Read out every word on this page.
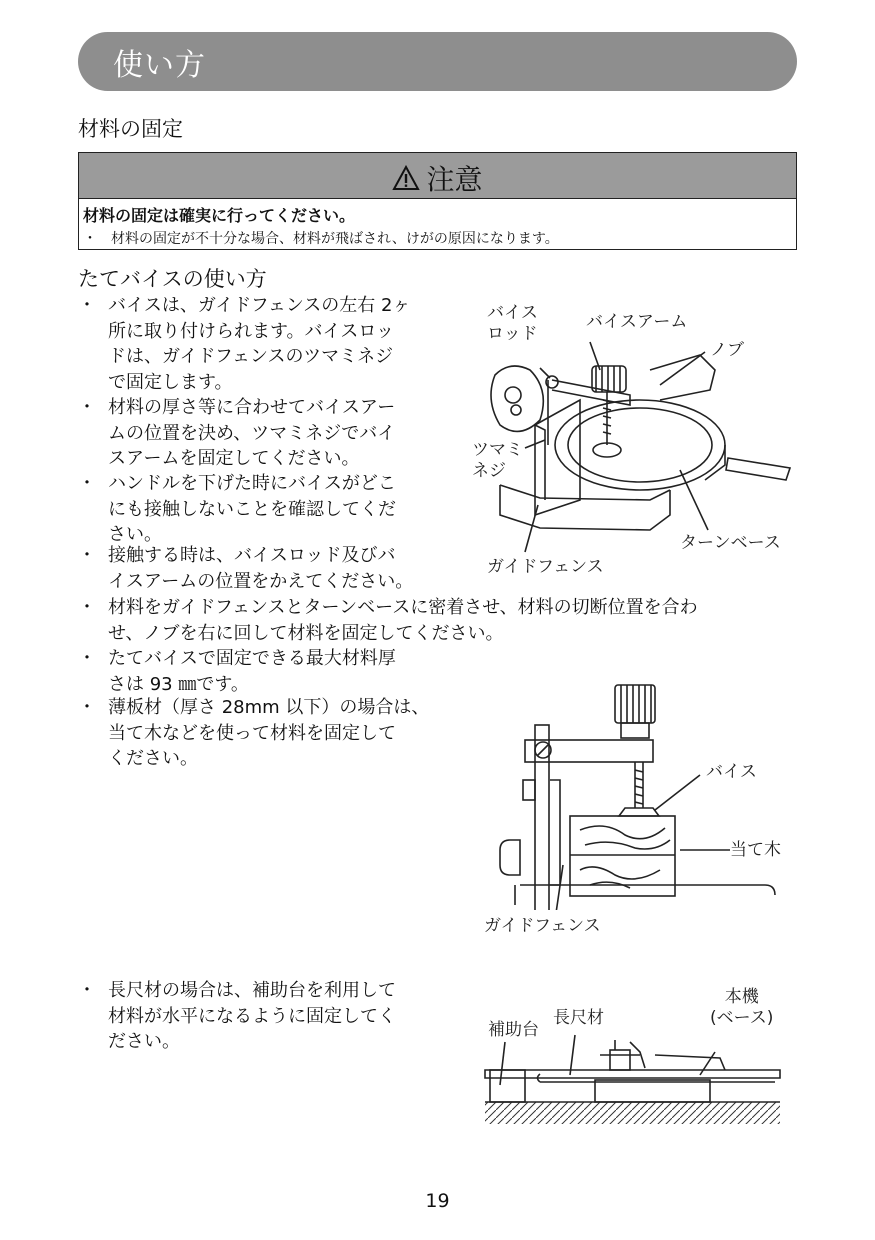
使い方
材料の固定
注意
材料の固定は確実に行ってください。
・　材料の固定が不十分な場合、材料が飛ばされ、けがの原因になります。
たてバイスの使い方
・ バイスは、ガイドフェンスの左右 2ヶ
所に取り付けられます。バイスロッ
ドは、ガイドフェンスのツマミネジ
で固定します。
・ 材料の厚さ等に合わせてバイスアー
ムの位置を決め、ツマミネジでバイ
スアームを固定してください。
・ ハンドルを下げた時にバイスがどこ
にも接触しないことを確認してくだ
さい。
・ 接触する時は、バイスロッド及びバ
イスアームの位置をかえてください。
・ 材料をガイドフェンスとターンベースに密着させ、材料の切断位置を合わ
せ、ノブを右に回して材料を固定してください。
・ たてバイスで固定できる最大材料厚
さは 93 ㎜です。
・ 薄板材（厚さ 28mm 以下）の場合は、
当て木などを使って材料を固定して
ください。
・ 長尺材の場合は、補助台を利用して
材料が水平になるように固定してく
ださい。
バイス
ロッド
バイスアーム
ノブ
ツマミ
ネジ
ターンベース
ガイドフェンス
バイス
当て木
ガイドフェンス
補助台
長尺材
本機
(ベース)
19
